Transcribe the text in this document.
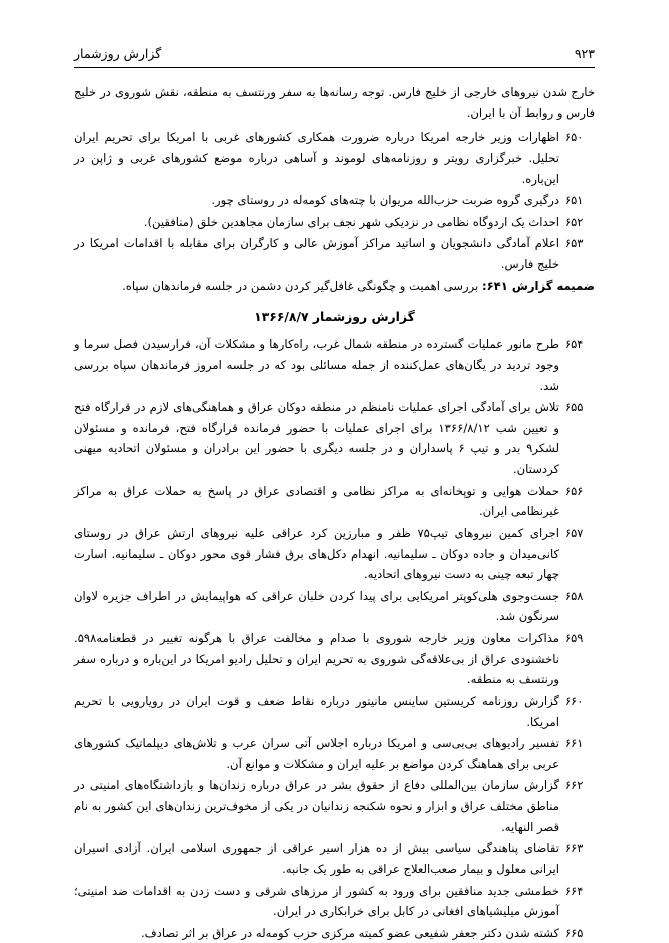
۹۲۳
گزارش روزشمار

خارج شدن نیروهای خارجی از خلیج فارس. توجه رسانه‌ها به سفر ورنتسف به منطقه، نقش شوروی در خلیج فارس و روابط آن با ایران.

۶۵۰
اظهارات وزیر خارجه امریکا درباره ضرورت همکاری کشورهای غربی با امریکا برای تحریم ایران تحلیل. خبرگزاری رویتر و روزنامه‌های لوموند و آساهی درباره موضع کشورهای غربی و ژاپن در این‌باره.
۶۵۱
درگیری گروه ضربت حزب‌الله مریوان با چته‌های کومه‌له در روستای چور.
۶۵۲
احداث یک اردوگاه نظامی در نزدیکی شهر نجف برای سازمان مجاهدین خلق (منافقین).
۶۵۳
اعلام آمادگی دانشجویان و اساتید مراکز آموزش عالی و کارگران برای مقابله با اقدامات امریکا در خلیج فارس.
ضمیمه گزارش ۶۴۱: بررسی اهمیت و چگونگی غافل‌گیر کردن دشمن در جلسه فرماندهان سپاه.
گزارش روزشمار ۱۳۶۶/۸/۷
۶۵۴
طرح مانور عملیات گسترده در منطقه شمال غرب، راه‌کارها و مشکلات آن، فرارسیدن فصل سرما و وجود تردید در یگان‌های عمل‌کننده از جمله مسائلی بود که در جلسه امروز فرماندهان سپاه بررسی شد.
۶۵۵
تلاش برای آمادگی اجرای عملیات نامنظم در منطقه دوکان عراق و هماهنگی‌های لازم در قرارگاه فتح و تعیین شب ۱۳۶۶/۸/۱۲ برای اجرای عملیات با حضور فرمانده قرارگاه فتح، فرمانده و مسئولان لشکر۹ بدر و تیپ ۶ پاسداران و در جلسه دیگری با حضور این برادران و مسئولان اتحادیه میهنی کردستان.
۶۵۶
حملات هوایی و توپخانه‌ای به مراکز نظامی و اقتصادی عراق در پاسخ به حملات عراق به مراکز غیرنظامی ایران.
۶۵۷
اجرای کمین نیروهای تیپ۷۵ ظفر و مبارزین کرد عراقی علیه نیروهای ارتش عراق در روستای کانی‌میدان و جاده دوکان ـ سلیمانیه. انهدام دکل‌های برق فشار قوی محور دوکان ـ سلیمانیه. اسارت چهار تبعه چینی به دست نیروهای اتحادیه.
۶۵۸
جست‌وجوی هلی‌کوپتر امریکایی برای پیدا کردن خلبان عراقی که هواپیمایش در اطراف جزیره لاوان سرنگون شد.
۶۵۹
مذاکرات معاون وزیر خارجه شوروی با صدام و مخالفت عراق با هرگونه تغییر در قطعنامه۵۹۸. ناخشنودی عراق از بی‌علاقه‌گی شوروی به تحریم ایران و تحلیل رادیو امریکا در این‌باره و درباره سفر ورنتسف به منطقه.
۶۶۰
گزارش روزنامه کریستین ساینس مانیتور درباره نقاط ضعف و قوت ایران در رویارویی با تحریم امریکا.
۶۶۱
تفسیر رادیوهای بی‌بی‌سی و امریکا درباره اجلاس آتی سران عرب و تلاش‌های دیپلماتیک کشورهای عربی برای هماهنگ کردن مواضع بر علیه ایران و مشکلات و موانع آن.
۶۶۲
گزارش سازمان بین‌المللی دفاع از حقوق بشر در عراق درباره زندان‌ها و بازداشتگاه‌های امنیتی در مناطق مختلف عراق و ابزار و نحوه شکنجه زندانیان در یکی از مخوف‌ترین زندان‌های این کشور به نام قصر النهایه.
۶۶۳
تقاضای پناهندگی سیاسی بیش از ده هزار اسیر عراقی از جمهوری اسلامی ایران. آزادی اسیران ایرانی معلول و بیمار صعب‌العلاج عراقی به طور یک جانبه.
۶۶۴
خط‌مشی جدید منافقین برای ورود به کشور از مرزهای شرقی و دست زدن به اقدامات ضد امنیتی؛ آموزش میلیشیاهای افغانی در کابل برای خرابکاری در ایران.
۶۶۵
کشته شدن دکتر جعفر شفیعی عضو کمیته مرکزی حزب کومه‌له در عراق بر اثر تصادف.
